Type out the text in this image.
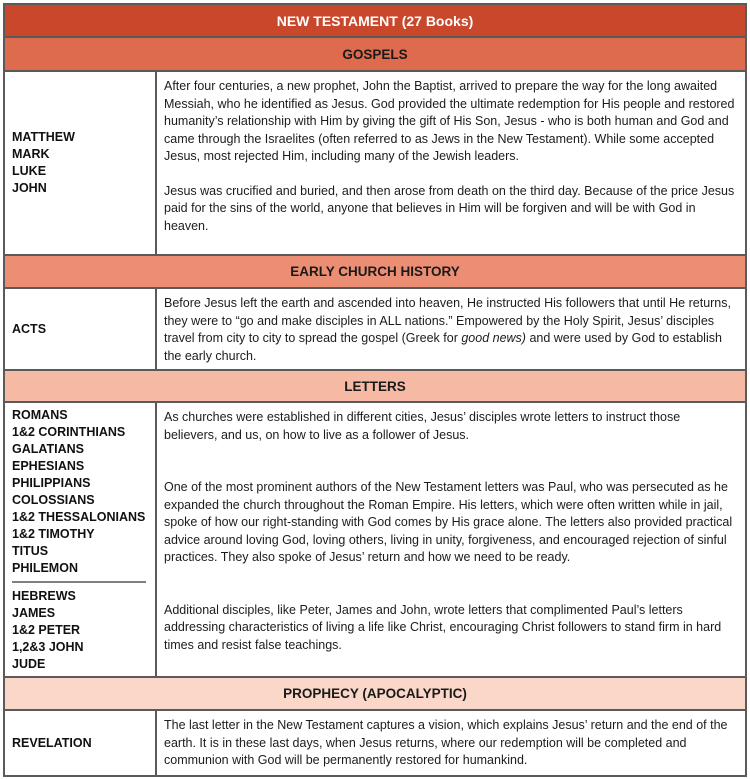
NEW TESTAMENT (27 Books)
GOSPELS
MATTHEW
MARK
LUKE
JOHN

After four centuries, a new prophet, John the Baptist, arrived to prepare the way for the long awaited Messiah, who he identified as Jesus. God provided the ultimate redemption for His people and restored humanity’s relationship with Him by giving the gift of His Son, Jesus - who is both human and God and came through the Israelites (often referred to as Jews in the New Testament). While some accepted Jesus, most rejected Him, including many of the Jewish leaders.

Jesus was crucified and buried, and then arose from death on the third day. Because of the price Jesus paid for the sins of the world, anyone that believes in Him will be forgiven and will be with God in heaven.

EARLY CHURCH HISTORY
ACTS

Before Jesus left the earth and ascended into heaven, He instructed His followers that until He returns, they were to “go and make disciples in ALL nations.” Empowered by the Holy Spirit, Jesus’ disciples travel from city to city to spread the gospel (Greek for good news) and were used by God to establish the early church.

LETTERS
ROMANS
1&2 CORINTHIANS
GALATIANS
EPHESIANS
PHILIPPIANS
COLOSSIANS
1&2 THESSALONIANS
1&2 TIMOTHY
TITUS
PHILEMON
HEBREWS
JAMES
1&2 PETER
1,2&3 JOHN
JUDE

As churches were established in different cities, Jesus’ disciples wrote letters to instruct those believers, and us, on how to live as a follower of Jesus.

One of the most prominent authors of the New Testament letters was Paul, who was persecuted as he expanded the church throughout the Roman Empire. His letters, which were often written while in jail, spoke of how our right-standing with God comes by His grace alone. The letters also provided practical advice around loving God, loving others, living in unity, forgiveness, and encouraged rejection of sinful practices. They also spoke of Jesus’ return and how we need to be ready.

Additional disciples, like Peter, James and John, wrote letters that complimented Paul’s letters addressing characteristics of living a life like Christ, encouraging Christ followers to stand firm in hard times and resist false teachings.

PROPHECY (APOCALYPTIC)
REVELATION

The last letter in the New Testament captures a vision, which explains Jesus’ return and the end of the earth. It is in these last days, when Jesus returns, where our redemption will be completed and communion with God will be permanently restored for humankind.
